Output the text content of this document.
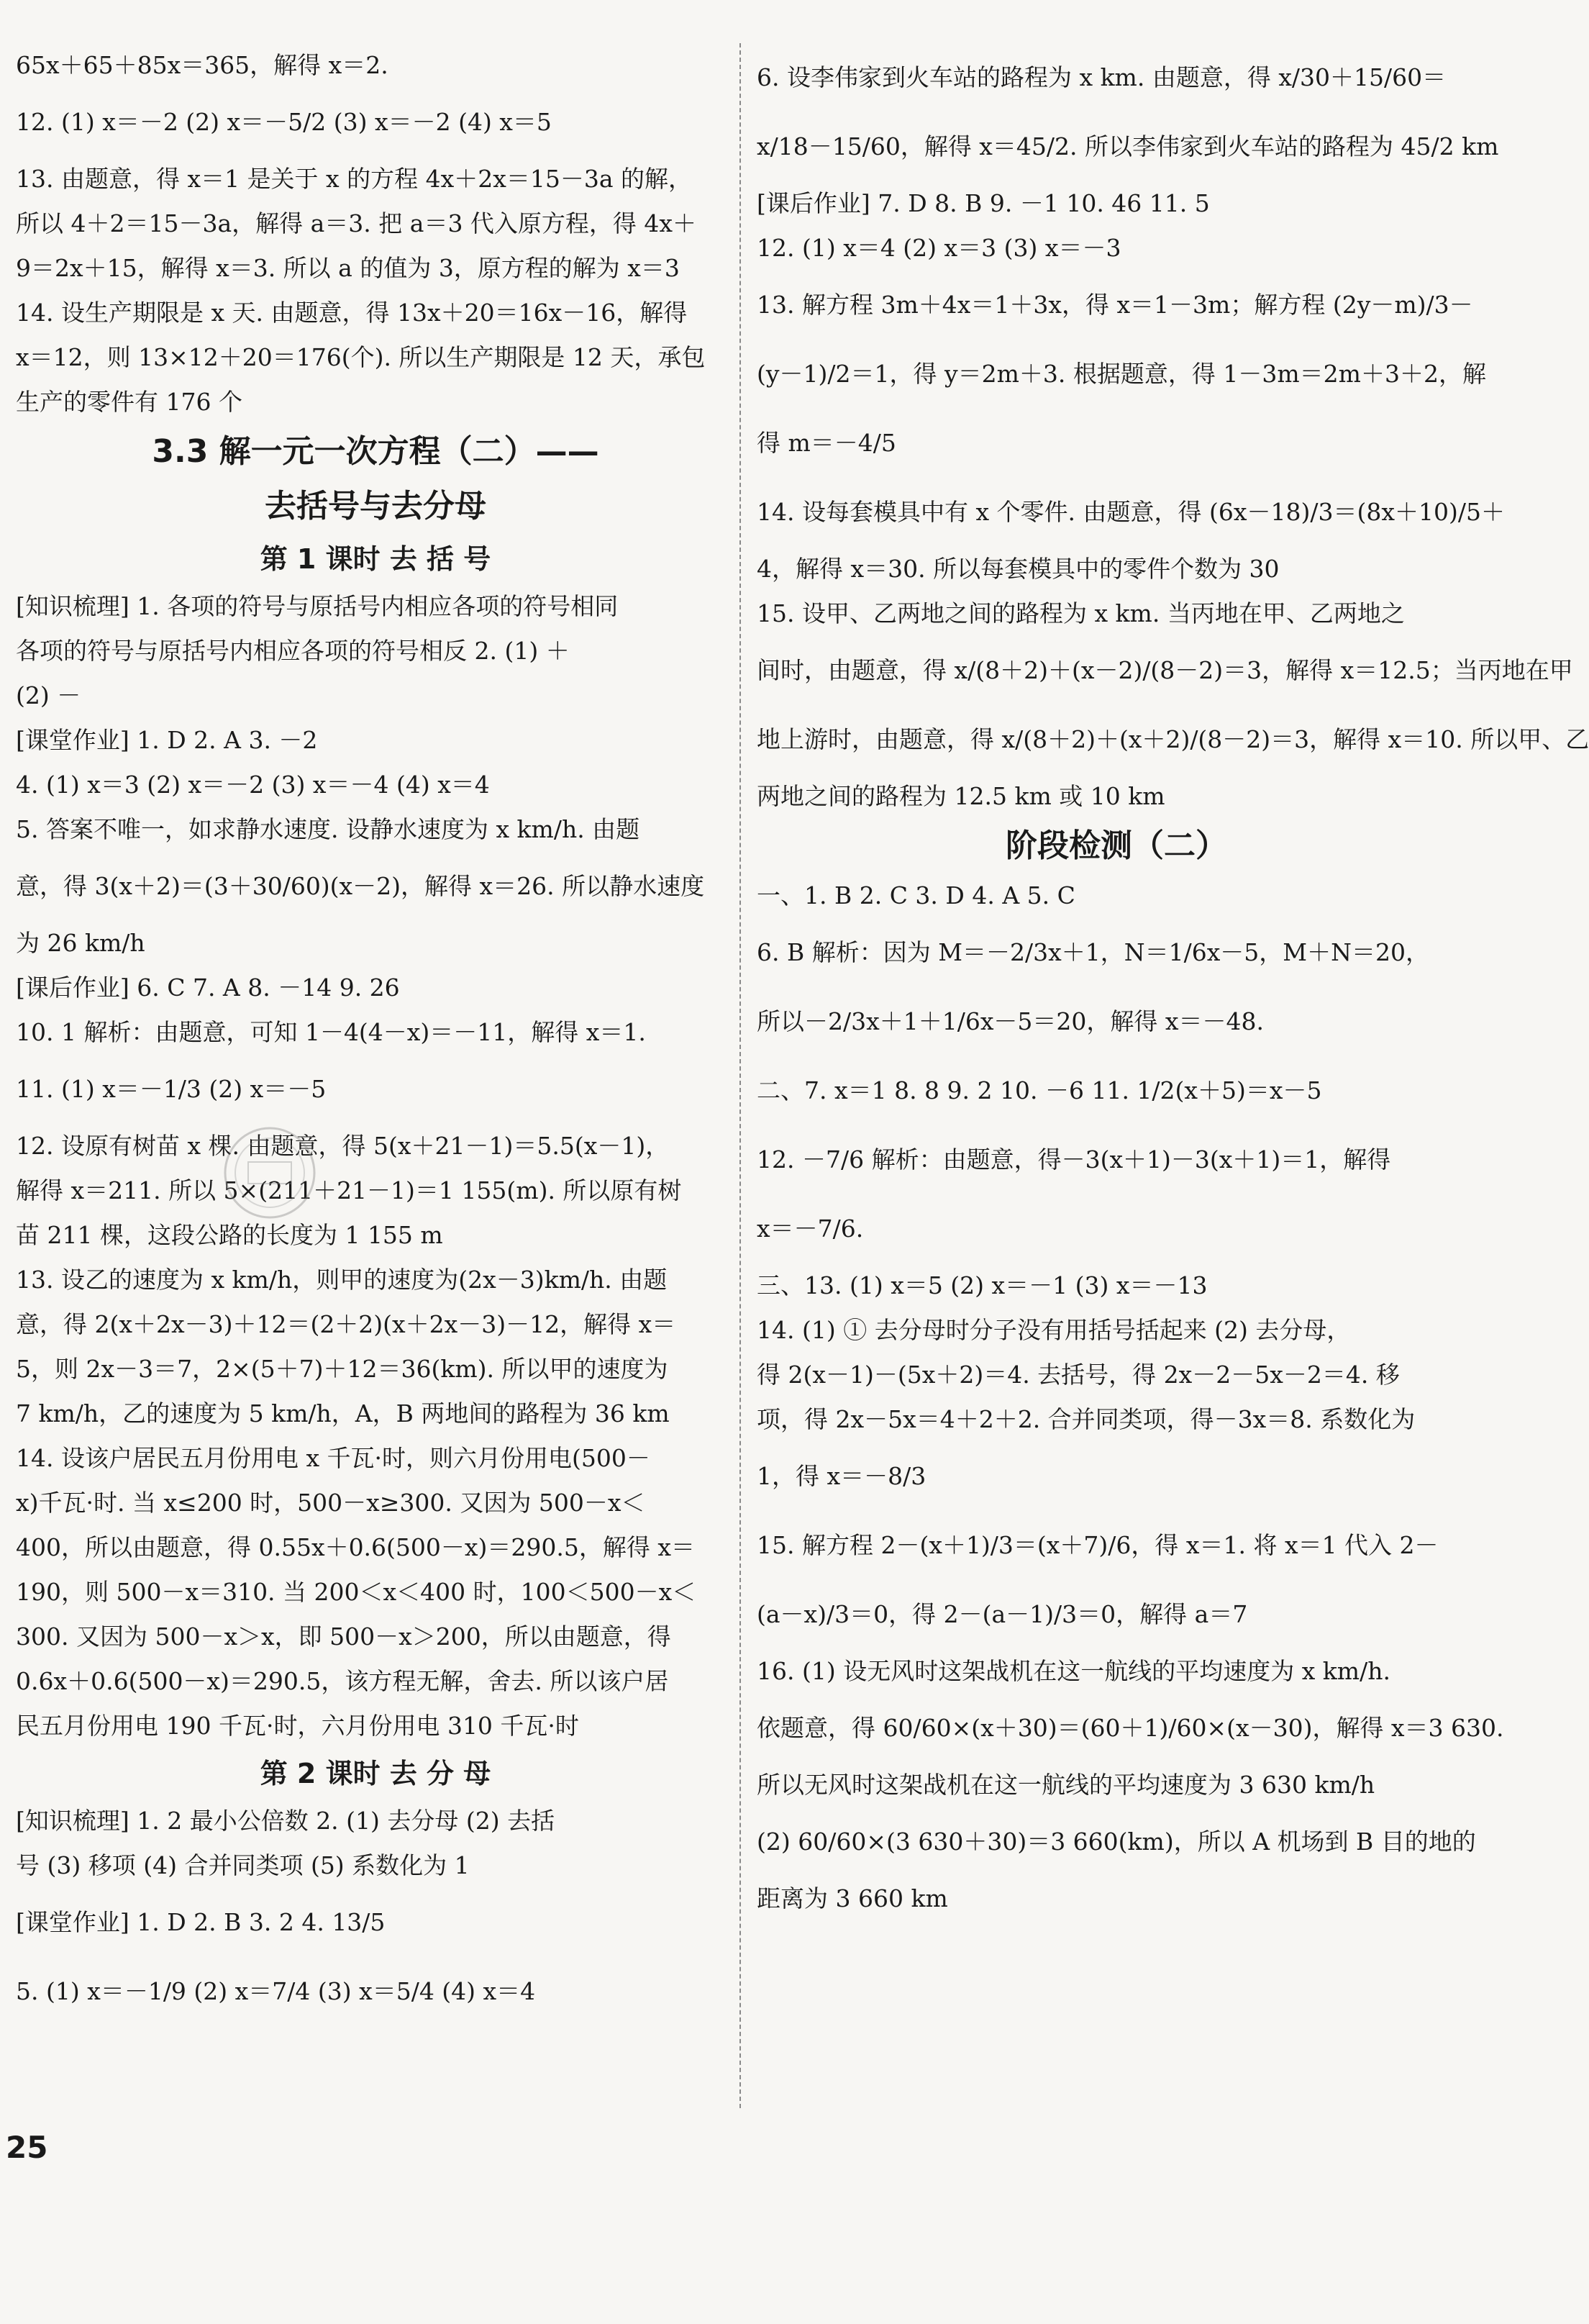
65x＋65＋85x＝365，解得 x＝2.
12. (1) x＝－2 (2) x＝－5/2 (3) x＝－2 (4) x＝5
13. 由题意，得 x＝1 是关于 x 的方程 4x＋2x＝15－3a 的解，
所以 4＋2＝15－3a，解得 a＝3. 把 a＝3 代入原方程，得 4x＋
9＝2x＋15，解得 x＝3. 所以 a 的值为 3，原方程的解为 x＝3
14. 设生产期限是 x 天. 由题意，得 13x＋20＝16x－16，解得
x＝12，则 13×12＋20＝176(个). 所以生产期限是 12 天，承包
生产的零件有 176 个
3.3 解一元一次方程（二）——
去括号与去分母
第 1 课时 去 括 号
[知识梳理] 1. 各项的符号与原括号内相应各项的符号相同
各项的符号与原括号内相应各项的符号相反 2. (1) ＋
(2) －
[课堂作业] 1. D 2. A 3. －2
4. (1) x＝3 (2) x＝－2 (3) x＝－4 (4) x＝4
5. 答案不唯一，如求静水速度. 设静水速度为 x km/h. 由题
意，得 3(x＋2)＝(3＋30/60)(x－2)，解得 x＝26. 所以静水速度
为 26 km/h
[课后作业] 6. C 7. A 8. －14 9. 26
10. 1 解析：由题意，可知 1－4(4－x)＝－11，解得 x＝1.
11. (1) x＝－1/3 (2) x＝－5
12. 设原有树苗 x 棵. 由题意，得 5(x＋21－1)＝5.5(x－1)，
解得 x＝211. 所以 5×(211＋21－1)＝1 155(m). 所以原有树
苗 211 棵，这段公路的长度为 1 155 m
13. 设乙的速度为 x km/h，则甲的速度为(2x－3)km/h. 由题
意，得 2(x＋2x－3)＋12＝(2＋2)(x＋2x－3)－12，解得 x＝
5，则 2x－3＝7，2×(5＋7)＋12＝36(km). 所以甲的速度为
7 km/h，乙的速度为 5 km/h，A，B 两地间的路程为 36 km
14. 设该户居民五月份用电 x 千瓦·时，则六月份用电(500－
x)千瓦·时. 当 x≤200 时，500－x≥300. 又因为 500－x＜
400，所以由题意，得 0.55x＋0.6(500－x)＝290.5，解得 x＝
190，则 500－x＝310. 当 200＜x＜400 时，100＜500－x＜
300. 又因为 500－x＞x，即 500－x＞200，所以由题意，得
0.6x＋0.6(500－x)＝290.5，该方程无解，舍去. 所以该户居
民五月份用电 190 千瓦·时，六月份用电 310 千瓦·时
第 2 课时 去 分 母
[知识梳理] 1. 2 最小公倍数 2. (1) 去分母 (2) 去括
号 (3) 移项 (4) 合并同类项 (5) 系数化为 1
[课堂作业] 1. D 2. B 3. 2 4. 13/5
5. (1) x＝－1/9 (2) x＝7/4 (3) x＝5/4 (4) x＝4
6. 设李伟家到火车站的路程为 x km. 由题意，得 x/30＋15/60＝
x/18－15/60，解得 x＝45/2. 所以李伟家到火车站的路程为 45/2 km
[课后作业] 7. D 8. B 9. －1 10. 46 11. 5
12. (1) x＝4 (2) x＝3 (3) x＝－3
13. 解方程 3m＋4x＝1＋3x，得 x＝1－3m；解方程 (2y－m)/3－
(y－1)/2＝1，得 y＝2m＋3. 根据题意，得 1－3m＝2m＋3＋2，解
得 m＝－4/5
14. 设每套模具中有 x 个零件. 由题意，得 (6x－18)/3＝(8x＋10)/5＋
4，解得 x＝30. 所以每套模具中的零件个数为 30
15. 设甲、乙两地之间的路程为 x km. 当丙地在甲、乙两地之
间时，由题意，得 x/(8＋2)＋(x－2)/(8－2)＝3，解得 x＝12.5；当丙地在甲
地上游时，由题意，得 x/(8＋2)＋(x＋2)/(8－2)＝3，解得 x＝10. 所以甲、乙
两地之间的路程为 12.5 km 或 10 km
阶段检测（二）
一、1. B 2. C 3. D 4. A 5. C
6. B 解析：因为 M＝－2/3x＋1，N＝1/6x－5，M＋N＝20，
所以－2/3x＋1＋1/6x－5＝20，解得 x＝－48.
二、7. x＝1 8. 8 9. 2 10. －6 11. 1/2(x＋5)＝x－5
12. －7/6 解析：由题意，得－3(x＋1)－3(x＋1)＝1，解得
x＝－7/6.
三、13. (1) x＝5 (2) x＝－1 (3) x＝－13
14. (1) ① 去分母时分子没有用括号括起来 (2) 去分母，
得 2(x－1)－(5x＋2)＝4. 去括号，得 2x－2－5x－2＝4. 移
项，得 2x－5x＝4＋2＋2. 合并同类项，得－3x＝8. 系数化为
1，得 x＝－8/3
15. 解方程 2－(x＋1)/3＝(x＋7)/6，得 x＝1. 将 x＝1 代入 2－
(a－x)/3＝0，得 2－(a－1)/3＝0，解得 a＝7
16. (1) 设无风时这架战机在这一航线的平均速度为 x km/h.
依题意，得 60/60×(x＋30)＝(60＋1)/60×(x－30)，解得 x＝3 630.
所以无风时这架战机在这一航线的平均速度为 3 630 km/h
(2) 60/60×(3 630＋30)＝3 660(km)，所以 A 机场到 B 目的地的
距离为 3 660 km
25
